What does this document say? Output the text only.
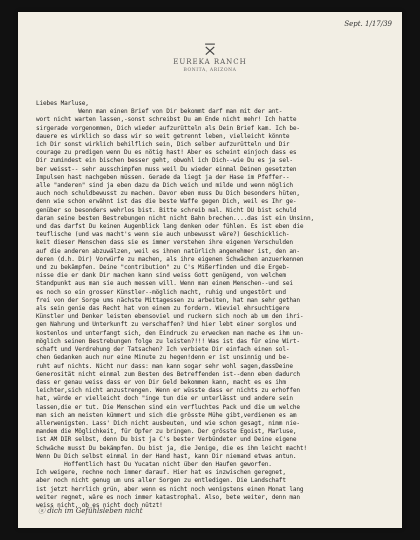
Sept. 1/17/39
EUREKA RANCH
BONITA, ARIZONA
Liebes Marluse,
Wenn man einen Brief von Dir bekommt darf man mit der ant-
wort nicht warten lassen,-sonst schreibst Du am Ende nicht mehr! Ich hatte
sirgerade vorgenommen, Dich wieder aufzurütteln als Dein Brief kam. Ich be-
dauere es wirklich so dass wir so weit getrennt leben, vielleicht könnte
ich Dir sonst wirklich behilflich sein, Dich selber aufzurütteln und Dir
courage zu predigen wenn Du es nötig hast! Aber es scheint einjoch dass es
Dir zumindest ein bischen besser geht, obwohl ich Dich--wie Du es ja sel-
ber weisst-- sehr ausschimpfen muss weil Du wieder einmal Deinen gesetzten
Impulsen hast nachgeben müssen. Gerade da liegt ja der Hase im Pfeffer--
alle "anderen" sind ja eben dazu da Dich weich und milde und wenn möglich
auch noch schuldbewusst zu machen. Davor eben muss Du Dich besonders hüten,
denn wie schon erwähnt ist das die beste Waffe gegen Dich, weil es Ihr ge-
genüber so besonders wehrlos bist. Bitte schreib mal. Nicht DU bist schuld
daran seine besten Bestrebungen nicht nicht Bahn brechen....das ist ein Unsinn,
und das darfst Du keinen Augenblick lang denken oder fühlen. Es ist eben die
teuflische (und was macht's wenn sie auch unbewusst wäre?) Geschicklich-
keit dieser Menschen dass sie es immer verstehen ihre eigenen Verschulden
auf die anderen abzuwälzen, weil es ihnen natürlich angenehmer ist, den an-
deren (d.h. Dir) Vorwürfe zu machen, als ihre eigenen Schwächen anzuerkennen
und zu bekämpfen. Deine "contribution" zu C's Mißerfinden und die Ergeb-
nisse die er dank Dir machen kann sind weiss Gott genügend, von welchem
Standpunkt aus man sie auch messen will. Wenn man einem Menschen--und sei
es noch so ein grosser Künstler--möglich macht, ruhig und ungestört und
frei von der Sorge ums nächste Mittagessen zu arbeiten, hat man sehr gethan
als sein genie das Recht hat von einem zu fordern. Wieviel ehrsuchtigere
Künstler und Denker leisten ebensoviel und ruckern sich noch ab um den ihri-
gen Nahrung und Unterkunft zu verschaffen? Und hier lebt einer sorglos und
kostenlos und unterfangt sich, den Eindruck zu erwecken man mache es ihm un-
möglich seinen Bestrebungen folge zu leisten?!!! Was ist das für eine Wirt-
schaft und Verdrehung der Tatsachen? Ich verbiete Dir einfach einen sol-
chen Gedanken auch nur eine Minute zu hegen!denn er ist unsinnig und be-
ruht auf nichts. Nicht nur dass: man kann sogar sehr wohl sagen,dassDeine
Generosität nicht einmal zum Besten des Betreffenden ist--denn eben dadurch
dass er genau weiss dass er von Dir Geld bekommen kann, macht es es ihm
leichter,sich nicht anzustrengen. Wenn er wüsste dass er nichts zu erhoffen
hat, würde er vielleicht doch "inge tun die er unterlässt und andere sein
lassen,die er tut. Die Menschen sind ein verfluchtes Pack und die um welche
man sich am meisten kümmert und sich die grösste Mühe gibt,verdienen es am
allerwenigsten. Lass' Dich nicht ausbeuten, und wie schon gesagt, nimm nie-
mandem die Möglichkeit, für Opfer zu bringen. Der grösste Egoist, Marluse,
ist AM DIR selbst, denn Du bist ja C's bester Verbündeter und Deine eigene
Schwäche musst Du bekämpfen. Du bist ja, die Jenige, die es ihm leicht macht!
Wenn Du Dich selbst einmal in der Hand hast, kann Dir niemand etwas antun.
Hoffentlich hast Du Yucatan nicht über den Haufen geworfen.
Ich weigere, rechne noch immer darauf. Hier hat es inzwischen geregnet,
aber noch nicht genug um uns aller Sorgen zu entledigen. Die Landschaft
ist jetzt herrlich grün, aber wenn es nicht noch wenigstens einen Monat lang
weiter regnet, wäre es noch immer katastrophal. Also, bete weiter, denn man
weiss nicht, ob es nicht doch nützt!
ⓐ dich im Gefühlsleben nicht
